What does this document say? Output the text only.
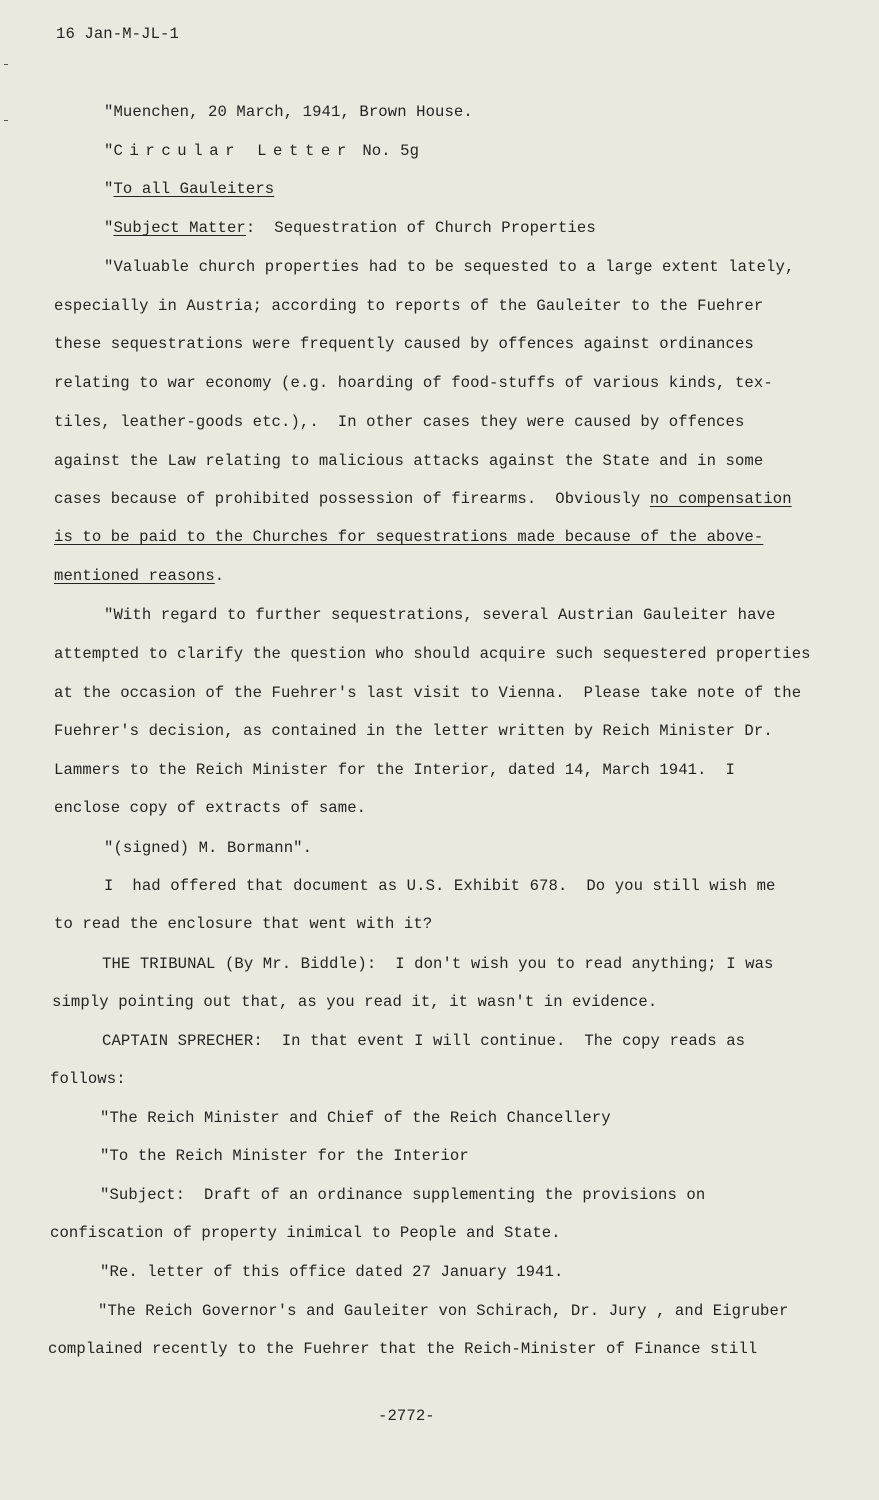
16 Jan-M-JL-1
"Muenchen, 20 March, 1941, Brown House.
"Circular Letter No. 5g
"To all Gauleiters
"Subject Matter:  Sequestration of Church Properties
"Valuable church properties had to be sequested to a large extent lately,
especially in Austria; according to reports of the Gauleiter to the Fuehrer
these sequestrations were frequently caused by offences against ordinances
relating to war economy (e.g. hoarding of food-stuffs of various kinds, tex-
tiles, leather-goods etc.),.  In other cases they were caused by offences
against the Law relating to malicious attacks against the State and in some
cases because of prohibited possession of firearms.  Obviously no compensation
is to be paid to the Churches for sequestrations made because of the above-
mentioned reasons.
"With regard to further sequestrations, several Austrian Gauleiter have
attempted to clarify the question who should acquire such sequestered properties
at the occasion of the Fuehrer's last visit to Vienna.  Please take note of the
Fuehrer's decision, as contained in the letter written by Reich Minister Dr.
Lammers to the Reich Minister for the Interior, dated 14, March 1941.  I
enclose copy of extracts of same.
"(signed) M. Bormann".
I  had offered that document as U.S. Exhibit 678.  Do you still wish me
to read the enclosure that went with it?
THE TRIBUNAL (By Mr. Biddle):  I don't wish you to read anything; I was
simply pointing out that, as you read it, it wasn't in evidence.
CAPTAIN SPRECHER:  In that event I will continue.  The copy reads as
follows:
"The Reich Minister and Chief of the Reich Chancellery
"To the Reich Minister for the Interior
"Subject:  Draft of an ordinance supplementing the provisions on
confiscation of property inimical to People and State.
"Re. letter of this office dated 27 January 1941.
"The Reich Governor's and Gauleiter von Schirach, Dr. Jury , and Eigruber
complained recently to the Fuehrer that the Reich-Minister of Finance still
-2772-
